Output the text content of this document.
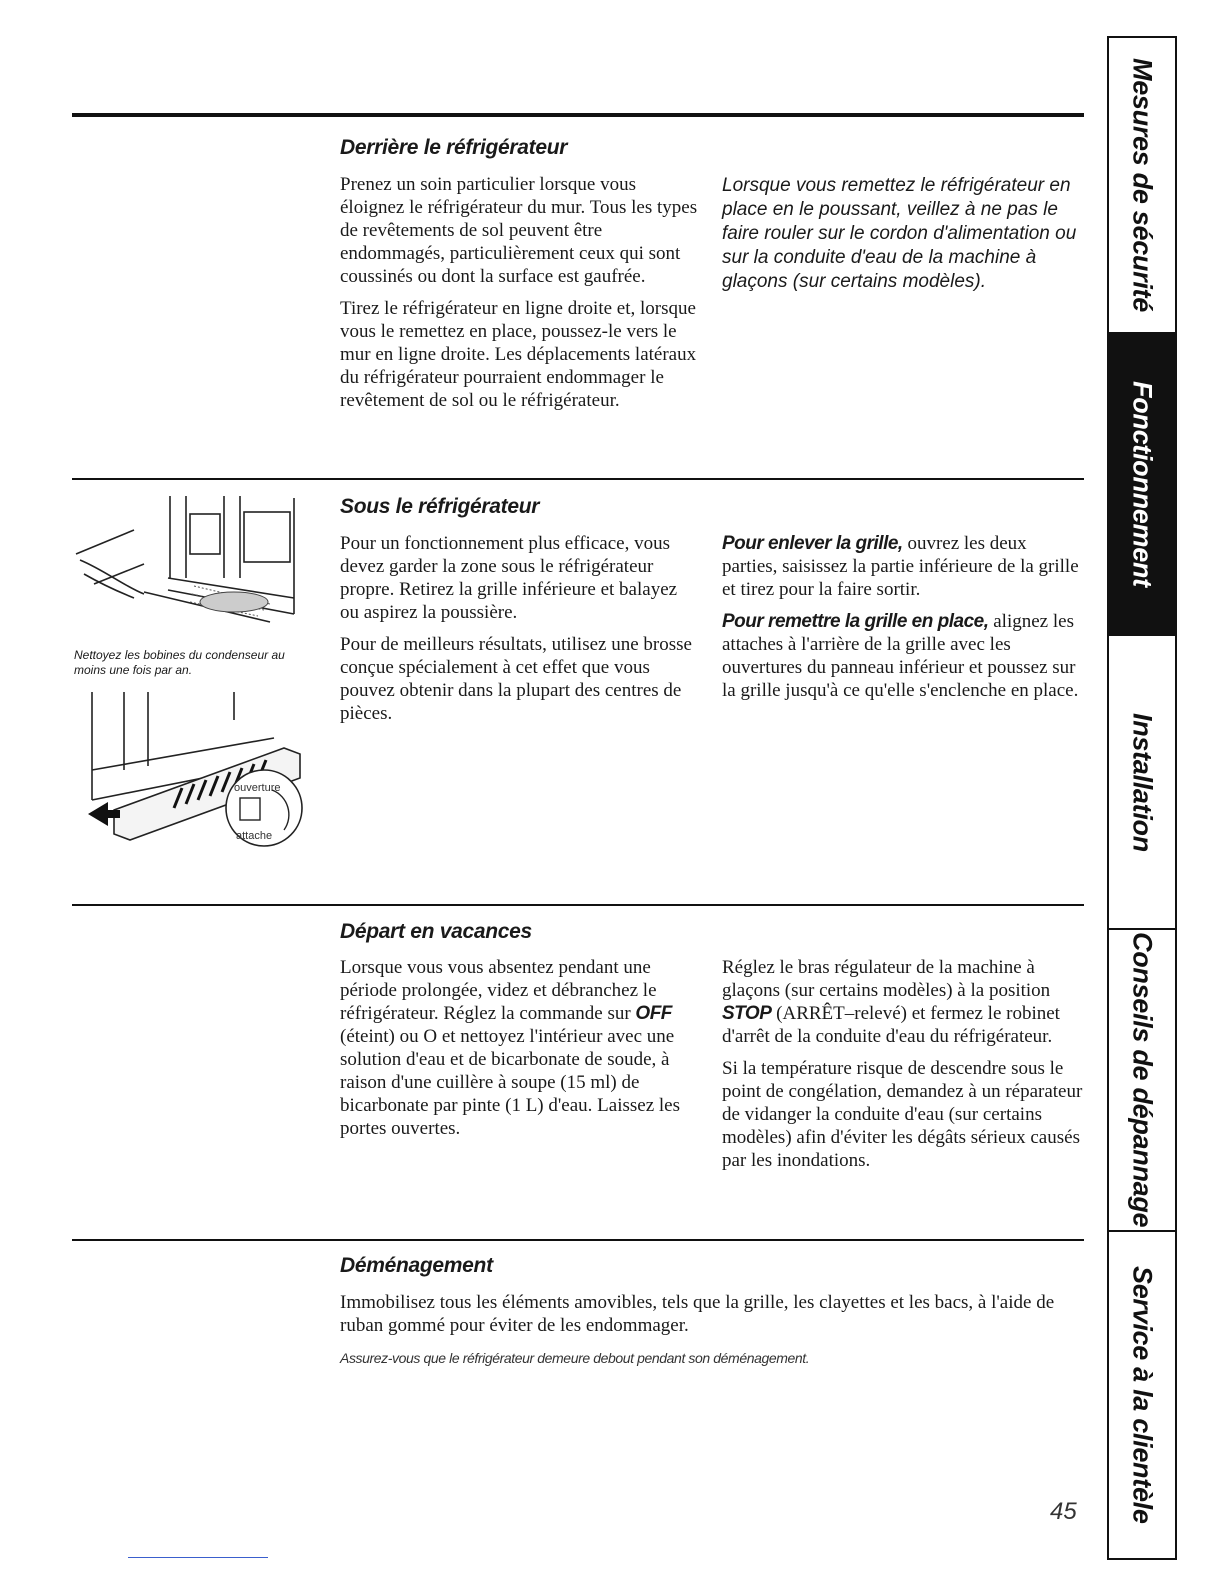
Derrière le réfrigérateur

Prenez un soin particulier lorsque vous éloignez le réfrigérateur du mur. Tous les types de revêtements de sol peuvent être endommagés, particulièrement ceux qui sont coussinés ou dont la surface est gaufrée.

Tirez le réfrigérateur en ligne droite et, lorsque vous le remettez en place, poussez-le vers le mur en ligne droite. Les déplacements latéraux du réfrigérateur pourraient endommager le revêtement de sol ou le réfrigérateur.

Lorsque vous remettez le réfrigérateur en place en le poussant, veillez à ne pas le faire rouler sur le cordon d'alimentation ou sur la conduite d'eau de la machine à glaçons (sur certains modèles).

Sous le réfrigérateur
Nettoyez les bobines du condenseur au moins une fois par an.
ouverture
attache

Pour un fonctionnement plus efficace, vous devez garder la zone sous le réfrigérateur propre. Retirez la grille inférieure et balayez ou aspirez la poussière.

Pour de meilleurs résultats, utilisez une brosse conçue spécialement à cet effet que vous pouvez obtenir dans la plupart des centres de pièces.

Pour enlever la grille, ouvrez les deux parties, saisissez la partie inférieure de la grille et tirez pour la faire sortir.

Pour remettre la grille en place, alignez les attaches à l'arrière de la grille avec les ouvertures du panneau inférieur et poussez sur la grille jusqu'à ce qu'elle s'enclenche en place.

Départ en vacances

Lorsque vous vous absentez pendant une période prolongée, videz et débranchez le réfrigérateur. Réglez la commande sur OFF (éteint) ou O et nettoyez l'intérieur avec une solution d'eau et de bicarbonate de soude, à raison d'une cuillère à soupe (15 ml) de bicarbonate par pinte (1 L) d'eau. Laissez les portes ouvertes.

Réglez le bras régulateur de la machine à glaçons (sur certains modèles) à la position STOP (ARRÊT–relevé) et fermez le robinet d'arrêt de la conduite d'eau du réfrigérateur.

Si la température risque de descendre sous le point de congélation, demandez à un réparateur de vidanger la conduite d'eau (sur certains modèles) afin d'éviter les dégâts sérieux causés par les inondations.

Déménagement

Immobilisez tous les éléments amovibles, tels que la grille, les clayettes et les bacs, à l'aide de ruban gommé pour éviter de les endommager.

Assurez-vous que le réfrigérateur demeure debout pendant son déménagement.
45
Mesures de sécurité
Fonctionnement
Installation
Conseils de dépannage
Service à la clientèle
